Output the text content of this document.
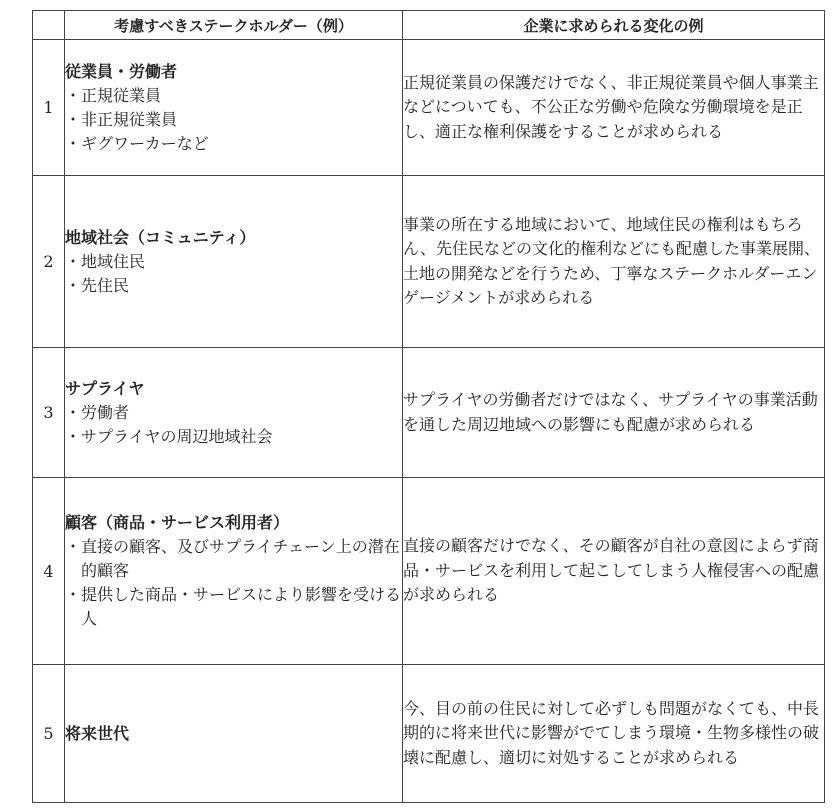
	考慮すべきステークホルダー（例）	企業に求められる変化の例
1	従業員・労働者
・ 正規従業員
・ 非正規従業員
・ ギグワーカーなど	正規従業員の保護だけでなく、非正規従業員や個人事業主などについても、不公正な労働や危険な労働環境を是正し、適正な権利保護をすることが求められる
2	地域社会（コミュニティ）
・ 地域住民
・ 先住民	事業の所在する地域において、地域住民の権利はもちろん、先住民などの文化的権利などにも配慮した事業展開、土地の開発などを行うため、丁寧なステークホルダーエンゲージメントが求められる
3	サプライヤ
・ 労働者
・ サプライヤの周辺地域社会	サプライヤの労働者だけではなく、サプライヤの事業活動を通した周辺地域への影響にも配慮が求められる
4	顧客（商品・サービス利用者）
・ 直接の顧客、及びサプライチェーン上の潜在的顧客
・ 提供した商品・サービスにより影響を受ける人	直接の顧客だけでなく、その顧客が自社の意図によらず商品・サービスを利用して起こしてしまう人権侵害への配慮が求められる
5	将来世代	今、目の前の住民に対して必ずしも問題がなくても、中長期的に将来世代に影響がでてしまう環境・生物多様性の破壊に配慮し、適切に対処することが求められる
